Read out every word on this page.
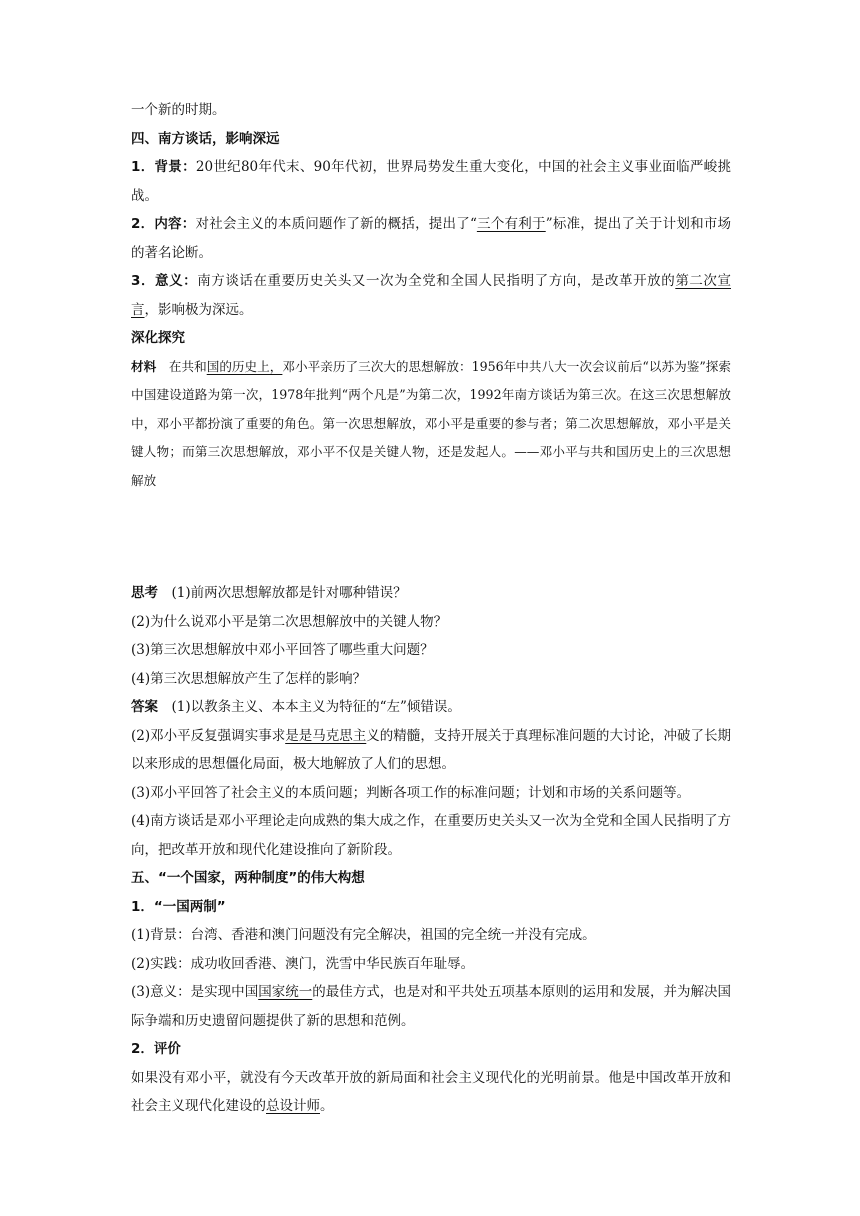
一个新的时期。

四、南方谈话，影响深远

1．背景：20世纪80年代末、90年代初，世界局势发生重大变化，中国的社会主义事业面临严峻挑战。

2．内容：对社会主义的本质问题作了新的概括，提出了“三个有利于”标准，提出了关于计划和市场的著名论断。

3．意义：南方谈话在重要历史关头又一次为全党和全国人民指明了方向，是改革开放的第二次宣言，影响极为深远。

深化探究

材料　在共和国的历史上，邓小平亲历了三次大的思想解放：1956年中共八大一次会议前后“以苏为鉴”探索中国建设道路为第一次，1978年批判“两个凡是”为第二次，1992年南方谈话为第三次。在这三次思想解放中，邓小平都扮演了重要的角色。第一次思想解放，邓小平是重要的参与者；第二次思想解放，邓小平是关键人物；而第三次思想解放，邓小平不仅是关键人物，还是发起人。——邓小平与共和国历史上的三次思想解放

思考　(1)前两次思想解放都是针对哪种错误？

(2)为什么说邓小平是第二次思想解放中的关键人物？

(3)第三次思想解放中邓小平回答了哪些重大问题？

(4)第三次思想解放产生了怎样的影响？

答案　(1)以教条主义、本本主义为特征的“左”倾错误。

(2)邓小平反复强调实事求是是马克思主义的精髓，支持开展关于真理标准问题的大讨论，冲破了长期以来形成的思想僵化局面，极大地解放了人们的思想。

(3)邓小平回答了社会主义的本质问题；判断各项工作的标准问题；计划和市场的关系问题等。

(4)南方谈话是邓小平理论走向成熟的集大成之作，在重要历史关头又一次为全党和全国人民指明了方向，把改革开放和现代化建设推向了新阶段。

五、“一个国家，两种制度”的伟大构想

1．“一国两制”

(1)背景：台湾、香港和澳门问题没有完全解决，祖国的完全统一并没有完成。

(2)实践：成功收回香港、澳门，洗雪中华民族百年耻辱。

(3)意义：是实现中国国家统一的最佳方式，也是对和平共处五项基本原则的运用和发展，并为解决国际争端和历史遗留问题提供了新的思想和范例。

2．评价

如果没有邓小平，就没有今天改革开放的新局面和社会主义现代化的光明前景。他是中国改革开放和社会主义现代化建设的总设计师。
